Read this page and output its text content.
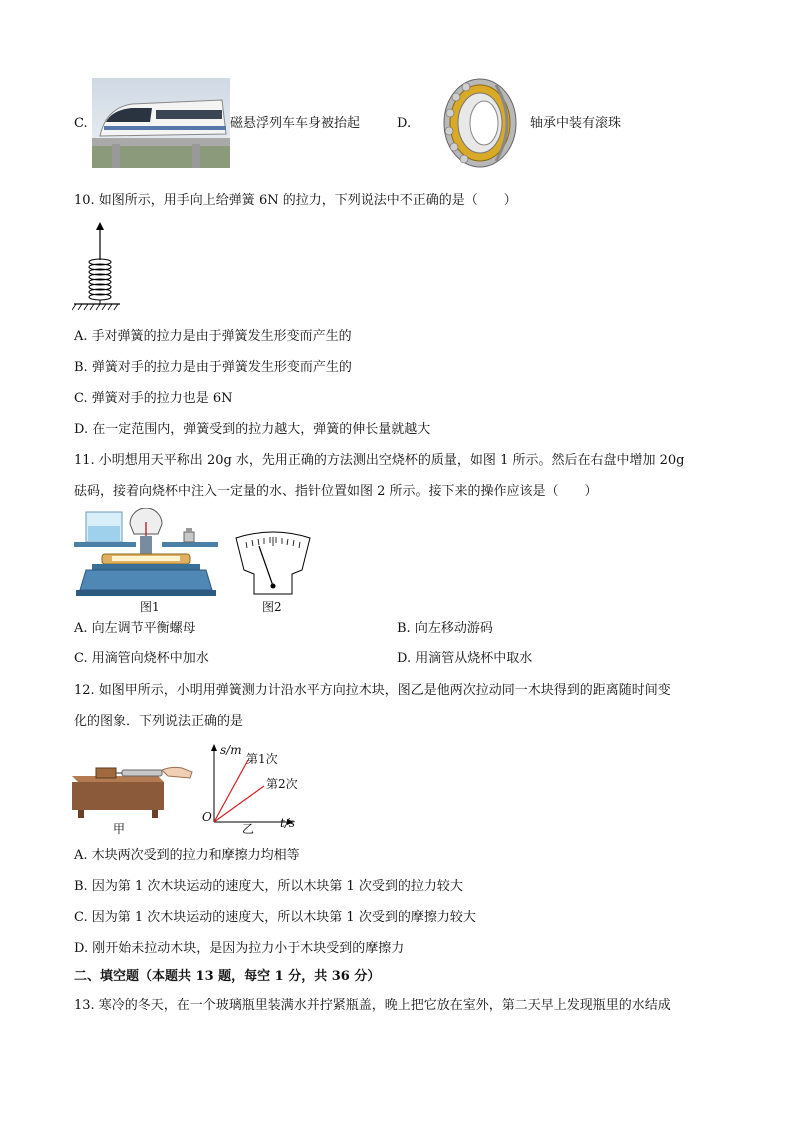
C.	磁悬浮列车车身被抬起	D.	轴承中装有滚珠
10. 如图所示，用手向上给弹簧 6N 的拉力，下列说法中不正确的是（　　）
A. 手对弹簧的拉力是由于弹簧发生形变而产生的
B. 弹簧对手的拉力是由于弹簧发生形变而产生的
C. 弹簧对手的拉力也是 6N
D. 在一定范围内，弹簧受到的拉力越大，弹簧的伸长量就越大
11. 小明想用天平称出 20g 水，先用正确的方法测出空烧杯的质量，如图 1 所示。然后在右盘中增加 20g
砝码，接着向烧杯中注入一定量的水、指针位置如图 2 所示。接下来的操作应该是（　　）
图1	图2
A. 向左调节平衡螺母	B. 向左移动游码
C. 用滴管向烧杯中加水	D. 用滴管从烧杯中取水
12. 如图甲所示，小明用弹簧测力计沿水平方向拉木块，图乙是他两次拉动同一木块得到的距离随时间变
化的图象．下列说法正确的是
甲
s/m
第1次
第2次
O
乙 t/s
A. 木块两次受到的拉力和摩擦力均相等
B. 因为第 1 次木块运动的速度大，所以木块第 1 次受到的拉力较大
C. 因为第 1 次木块运动的速度大，所以木块第 1 次受到的摩擦力较大
D. 刚开始未拉动木块，是因为拉力小于木块受到的摩擦力
二、填空题（本题共 13 题，每空 1 分，共 36 分）
13. 寒冷的冬天，在一个玻璃瓶里装满水并拧紧瓶盖，晚上把它放在室外，第二天早上发现瓶里的水结成
